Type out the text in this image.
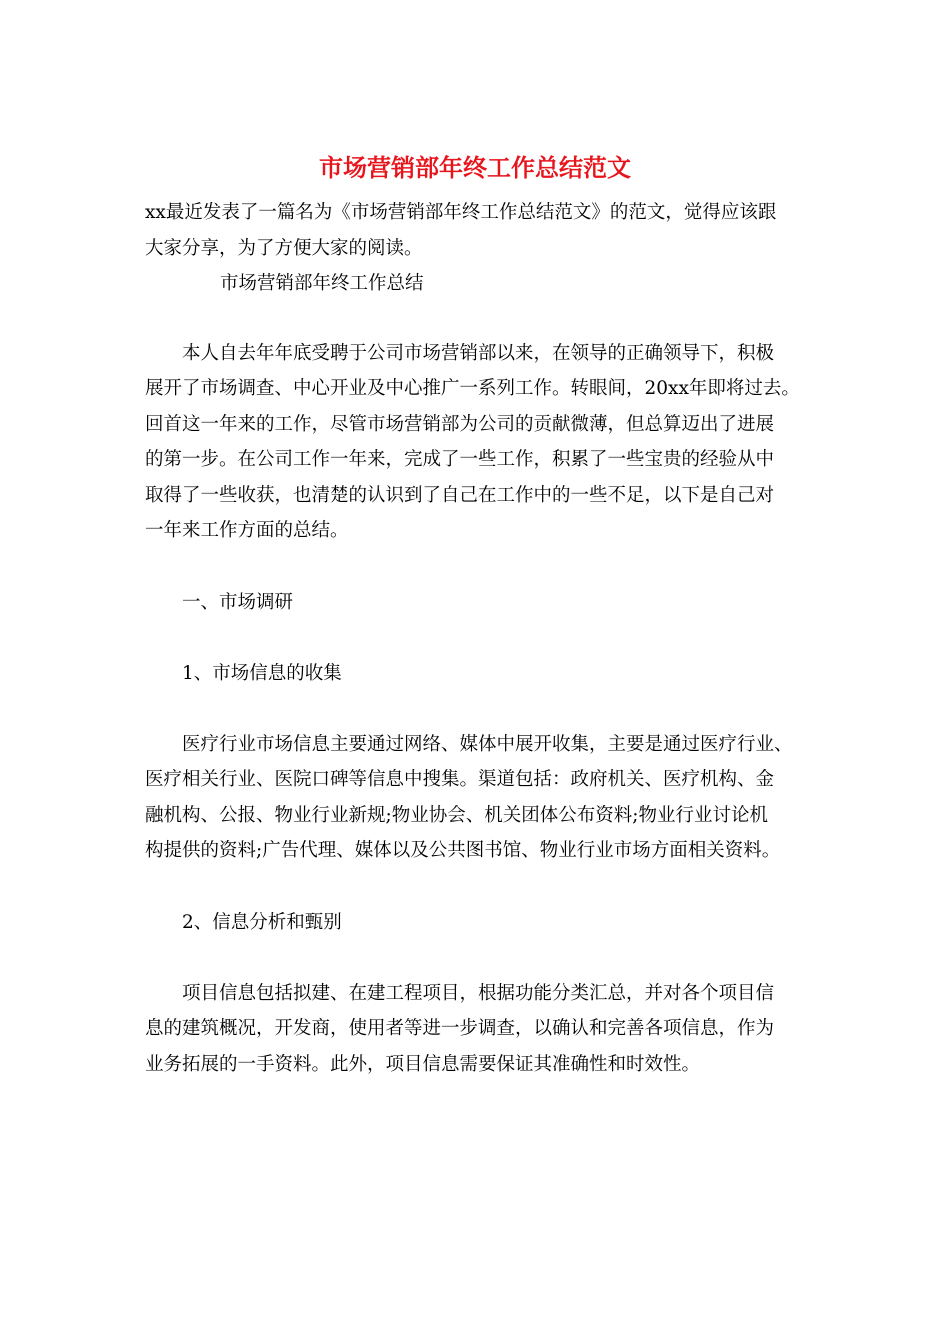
市场营销部年终工作总结范文
xx最近发表了一篇名为《市场营销部年终工作总结范文》的范文，觉得应该跟
大家分享，为了方便大家的阅读。
市场营销部年终工作总结
本人自去年年底受聘于公司市场营销部以来，在领导的正确领导下，积极
展开了市场调查、中心开业及中心推广一系列工作。转眼间，20xx年即将过去。
回首这一年来的工作，尽管市场营销部为公司的贡献微薄，但总算迈出了进展
的第一步。在公司工作一年来，完成了一些工作，积累了一些宝贵的经验从中
取得了一些收获，也清楚的认识到了自己在工作中的一些不足，以下是自己对
一年来工作方面的总结。
一、市场调研
1、市场信息的收集
医疗行业市场信息主要通过网络、媒体中展开收集，主要是通过医疗行业、
医疗相关行业、医院口碑等信息中搜集。渠道包括：政府机关、医疗机构、金
融机构、公报、物业行业新规;物业协会、机关团体公布资料;物业行业讨论机
构提供的资料;广告代理、媒体以及公共图书馆、物业行业市场方面相关资料。
2、信息分析和甄别
项目信息包括拟建、在建工程项目，根据功能分类汇总，并对各个项目信
息的建筑概况，开发商，使用者等进一步调查，以确认和完善各项信息，作为
业务拓展的一手资料。此外，项目信息需要保证其准确性和时效性。
